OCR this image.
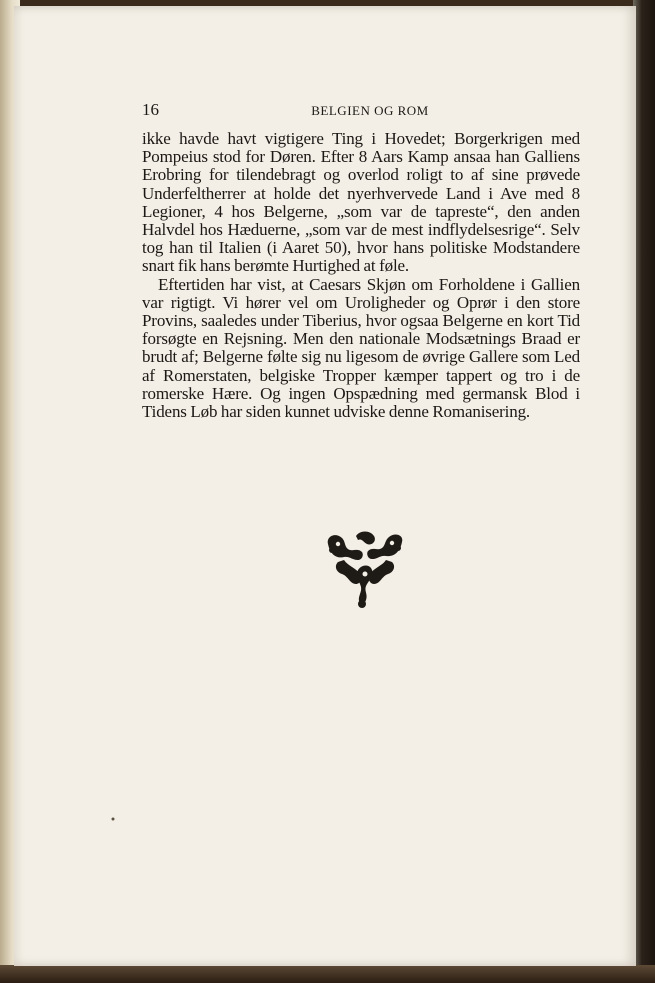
16	BELGIEN OG ROM

ikke havde havt vigtigere Ting i Hovedet; Borgerkrigen med Pompeius stod for Døren. Efter 8 Aars Kamp ansaa han Galliens Erobring for tilendebragt og overlod roligt to af sine prøvede Underfeltherrer at holde det nyerhvervede Land i Ave med 8 Legioner, 4 hos Belgerne, „som var de tapreste“, den anden Halvdel hos Hæduerne, „som var de mest indflydelsesrige“. Selv tog han til Italien (i Aaret 50), hvor hans politiske Modstandere snart fik hans berømte Hurtighed at føle.

Eftertiden har vist, at Caesars Skjøn om Forholdene i Gallien var rigtigt. Vi hører vel om Uroligheder og Oprør i den store Provins, saaledes under Tiberius, hvor ogsaa Belgerne en kort Tid forsøgte en Rejsning. Men den nationale Modsætnings Braad er brudt af; Belgerne følte sig nu ligesom de øvrige Gallere som Led af Romerstaten, belgiske Tropper kæmper tappert og tro i de romerske Hære. Og ingen Opspædning med germansk Blod i Tidens Løb har siden kunnet udviske denne Romanisering.
